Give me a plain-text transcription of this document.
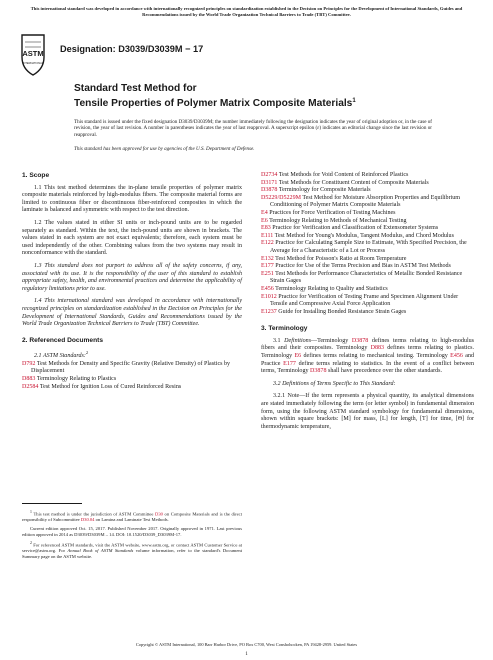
This international standard was developed in accordance with internationally recognized principles on standardization established in the Decision on Principles for the Development of International Standards, Guides and Recommendations issued by the World Trade Organization Technical Barriers to Trade (TBT) Committee.
ASTM
INTERNATIONAL
Designation: D3039/D3039M − 17
Standard Test Method for
Tensile Properties of Polymer Matrix Composite Materials$^1$
This standard is issued under the fixed designation D3039/D3039M; the number immediately following the designation indicates the year of original adoption or, in the case of revision, the year of last revision. A number in parentheses indicates the year of last reapproval. A superscript epsilon (ε) indicates an editorial change since the last revision or reapproval.
This standard has been approved for use by agencies of the U.S. Department of Defense.
1. Scope

1.1 This test method determines the in-plane tensile properties of polymer matrix composite materials reinforced by high-modulus fibers. The composite material forms are limited to continuous fiber or discontinuous fiber-reinforced composites in which the laminate is balanced and symmetric with respect to the test direction.

1.2 The values stated in either SI units or inch-pound units are to be regarded separately as standard. Within the text, the inch-pound units are shown in brackets. The values stated in each system are not exact equivalents; therefore, each system must be used independently of the other. Combining values from the two systems may result in nonconformance with the standard.

1.3 This standard does not purport to address all of the safety concerns, if any, associated with its use. It is the responsibility of the user of this standard to establish appropriate safety, health, and environmental practices and determine the applicability of regulatory limitations prior to use.

1.4 This international standard was developed in accordance with internationally recognized principles on standardization established in the Decision on Principles for the Development of International Standards, Guides and Recommendations issued by the World Trade Organization Technical Barriers to Trade (TBT) Committee.

2. Referenced Documents

2.1 ASTM Standards:$^2$

D792 Test Methods for Density and Specific Gravity (Relative Density) of Plastics by Displacement

D883 Terminology Relating to Plastics

D2584 Test Method for Ignition Loss of Cured Reinforced Resins

$^1$ This test method is under the jurisdiction of ASTM Committee D30 on Composite Materials and is the direct responsibility of Subcommittee D30.04 on Lamina and Laminate Test Methods.

Current edition approved Oct. 15, 2017. Published November 2017. Originally approved in 1971. Last previous edition approved in 2014 as D3039/D3039M – 14. DOI: 10.1520/D3039_D3039M-17.

$^2$ For referenced ASTM standards, visit the ASTM website, www.astm.org, or contact ASTM Customer Service at service@astm.org. For Annual Book of ASTM Standards volume information, refer to the standard's Document Summary page on the ASTM website.

D2734 Test Methods for Void Content of Reinforced Plastics

D3171 Test Methods for Constituent Content of Composite Materials

D3878 Terminology for Composite Materials

D5229/D5229M Test Method for Moisture Absorption Properties and Equilibrium Conditioning of Polymer Matrix Composite Materials

E4 Practices for Force Verification of Testing Machines

E6 Terminology Relating to Methods of Mechanical Testing

E83 Practice for Verification and Classification of Extensometer Systems

E111 Test Method for Young's Modulus, Tangent Modulus, and Chord Modulus

E122 Practice for Calculating Sample Size to Estimate, With Specified Precision, the Average for a Characteristic of a Lot or Process

E132 Test Method for Poisson's Ratio at Room Temperature

E177 Practice for Use of the Terms Precision and Bias in ASTM Test Methods

E251 Test Methods for Performance Characteristics of Metallic Bonded Resistance Strain Gages

E456 Terminology Relating to Quality and Statistics

E1012 Practice for Verification of Testing Frame and Specimen Alignment Under Tensile and Compressive Axial Force Application

E1237 Guide for Installing Bonded Resistance Strain Gages

3. Terminology

3.1 Definitions—Terminology D3878 defines terms relating to high-modulus fibers and their composites. Terminology D883 defines terms relating to plastics. Terminology E6 defines terms relating to mechanical testing. Terminology E456 and Practice E177 define terms relating to statistics. In the event of a conflict between terms, Terminology D3878 shall have precedence over the other standards.

3.2 Definitions of Terms Specific to This Standard:

3.2.1 Note—If the term represents a physical quantity, its analytical dimensions are stated immediately following the term (or letter symbol) in fundamental dimension form, using the following ASTM standard symbology for fundamental dimensions, shown within square brackets: [M] for mass, [L] for length, [T] for time, [Θ] for thermodynamic temperature,

Copyright © ASTM International, 100 Barr Harbor Drive, PO Box C700, West Conshohocken, PA 19428-2959. United States
1
